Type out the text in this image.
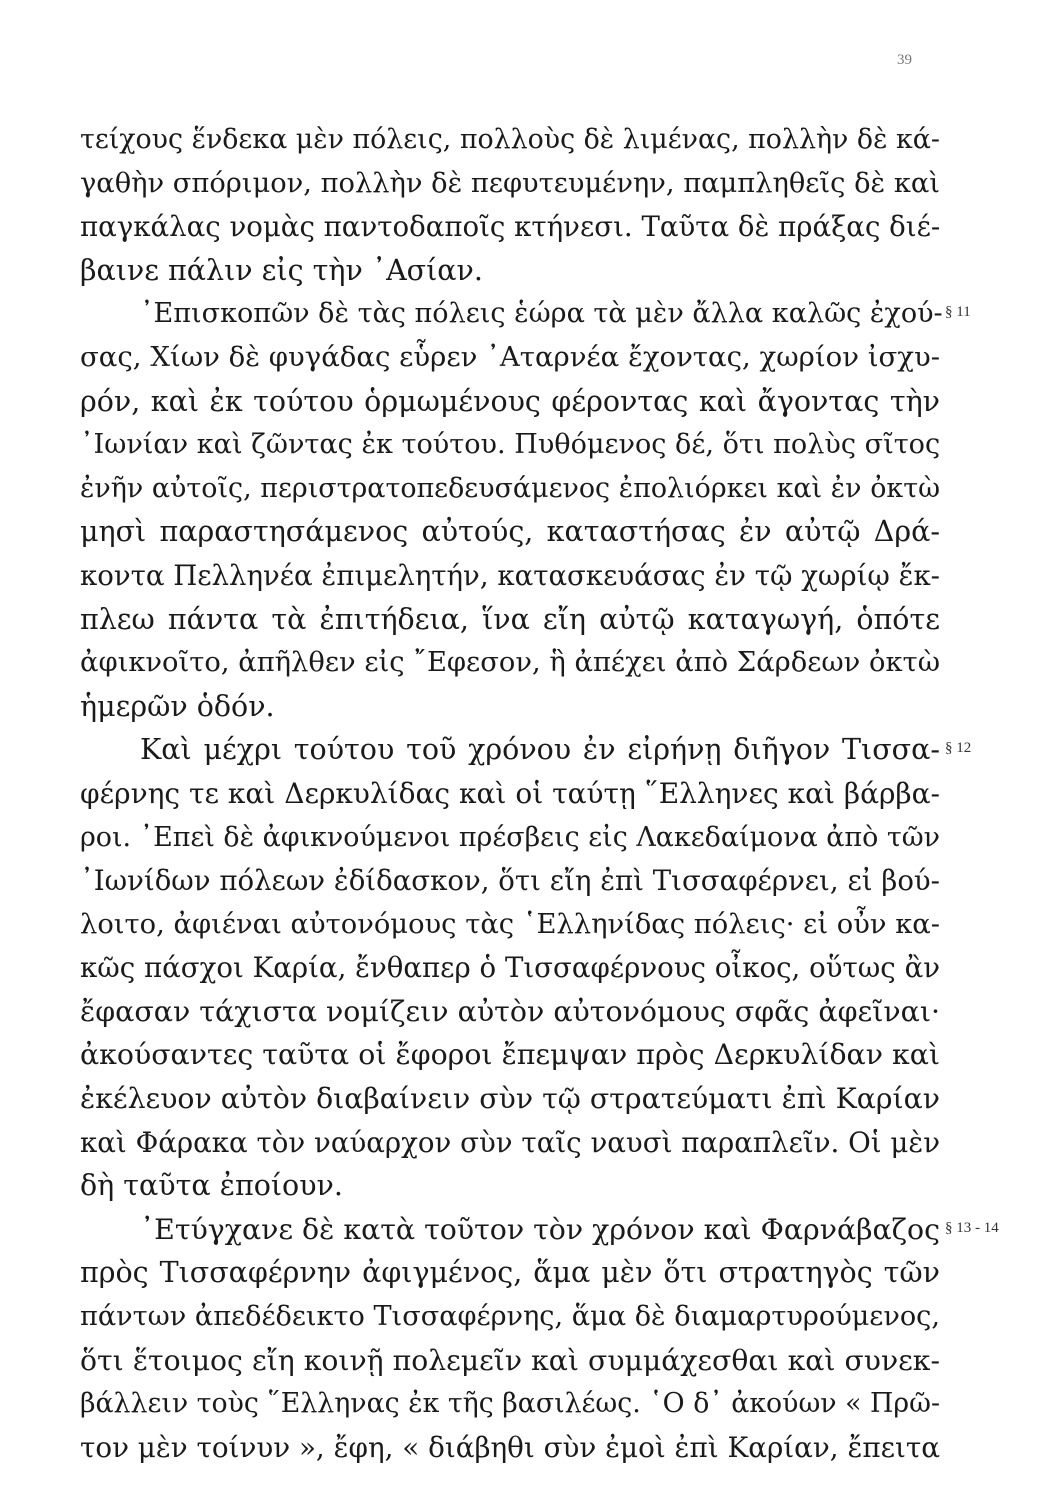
39
τείχους ἕνδεκα μὲν πόλεις, πολλοὺς δὲ λιμένας, πολλὴν δὲ κά-
γαθὴν σπόριμον, πολλὴν δὲ πεφυτευμένην, παμπληθεῖς δὲ καὶ
παγκάλας νομὰς παντοδαποῖς κτήνεσι. Ταῦτα δὲ πράξας διέ-
βαινε πάλιν εἰς τὴν ᾿Ασίαν.
᾿Επισκοπῶν δὲ τὰς πόλεις ἑώρα τὰ μὲν ἄλλα καλῶς ἐχού-
σας, Χίων δὲ φυγάδας εὗρεν ᾿Αταρνέα ἔχοντας, χωρίον ἰσχυ-
ρόν, καὶ ἐκ τούτου ὁρμωμένους φέροντας καὶ ἄγοντας τὴν
᾿Ιωνίαν καὶ ζῶντας ἐκ τούτου. Πυθόμενος δέ, ὅτι πολὺς σῖτος
ἐνῆν αὐτοῖς, περιστρατοπεδευσάμενος ἐπολιόρκει καὶ ἐν ὀκτὼ
μησὶ παραστησάμενος αὐτούς, καταστήσας ἐν αὐτῷ Δρά-
κοντα Πελληνέα ἐπιμελητήν, κατασκευάσας ἐν τῷ χωρίῳ ἔκ-
πλεω πάντα τὰ ἐπιτήδεια, ἵνα εἴη αὐτῷ καταγωγή, ὁπότε
ἀφικνοῖτο, ἀπῆλθεν εἰς ῎Εφεσον, ἣ ἀπέχει ἀπὸ Σάρδεων ὀκτὼ
ἡμερῶν ὁδόν.
Καὶ μέχρι τούτου τοῦ χρόνου ἐν εἰρήνῃ διῆγον Τισσα-
φέρνης τε καὶ Δερκυλίδας καὶ οἱ ταύτῃ ῞Ελληνες καὶ βάρβα-
ροι. ᾿Επεὶ δὲ ἀφικνούμενοι πρέσβεις εἰς Λακεδαίμονα ἀπὸ τῶν
᾿Ιωνίδων πόλεων ἐδίδασκον, ὅτι εἴη ἐπὶ Τισσαφέρνει, εἰ βού-
λοιτο, ἀφιέναι αὐτονόμους τὰς ῾Ελληνίδας πόλεις· εἰ οὖν κα-
κῶς πάσχοι Καρία, ἔνθαπερ ὁ Τισσαφέρνους οἶκος, οὕτως ἂν
ἔφασαν τάχιστα νομίζειν αὐτὸν αὐτονόμους σφᾶς ἀφεῖναι·
ἀκούσαντες ταῦτα οἱ ἔφοροι ἔπεμψαν πρὸς Δερκυλίδαν καὶ
ἐκέλευον αὐτὸν διαβαίνειν σὺν τῷ στρατεύματι ἐπὶ Καρίαν
καὶ Φάρακα τὸν ναύαρχον σὺν ταῖς ναυσὶ παραπλεῖν. Οἱ μὲν
δὴ ταῦτα ἐποίουν.
᾿Ετύγχανε δὲ κατὰ τοῦτον τὸν χρόνον καὶ Φαρνάβαζος
πρὸς Τισσαφέρνην ἀφιγμένος, ἅμα μὲν ὅτι στρατηγὸς τῶν
πάντων ἀπεδέδεικτο Τισσαφέρνης, ἅμα δὲ διαμαρτυρούμενος,
ὅτι ἕτοιμος εἴη κοινῇ πολεμεῖν καὶ συμμάχεσθαι καὶ συνεκ-
βάλλειν τοὺς ῞Ελληνας ἐκ τῆς βασιλέως. ῾Ο δ᾿ ἀκούων « Πρῶ-
τον μὲν τοίνυν », ἔφη, « διάβηθι σὺν ἐμοὶ ἐπὶ Καρίαν, ἔπειτα
§ 11
§ 12
§ 13 - 14
